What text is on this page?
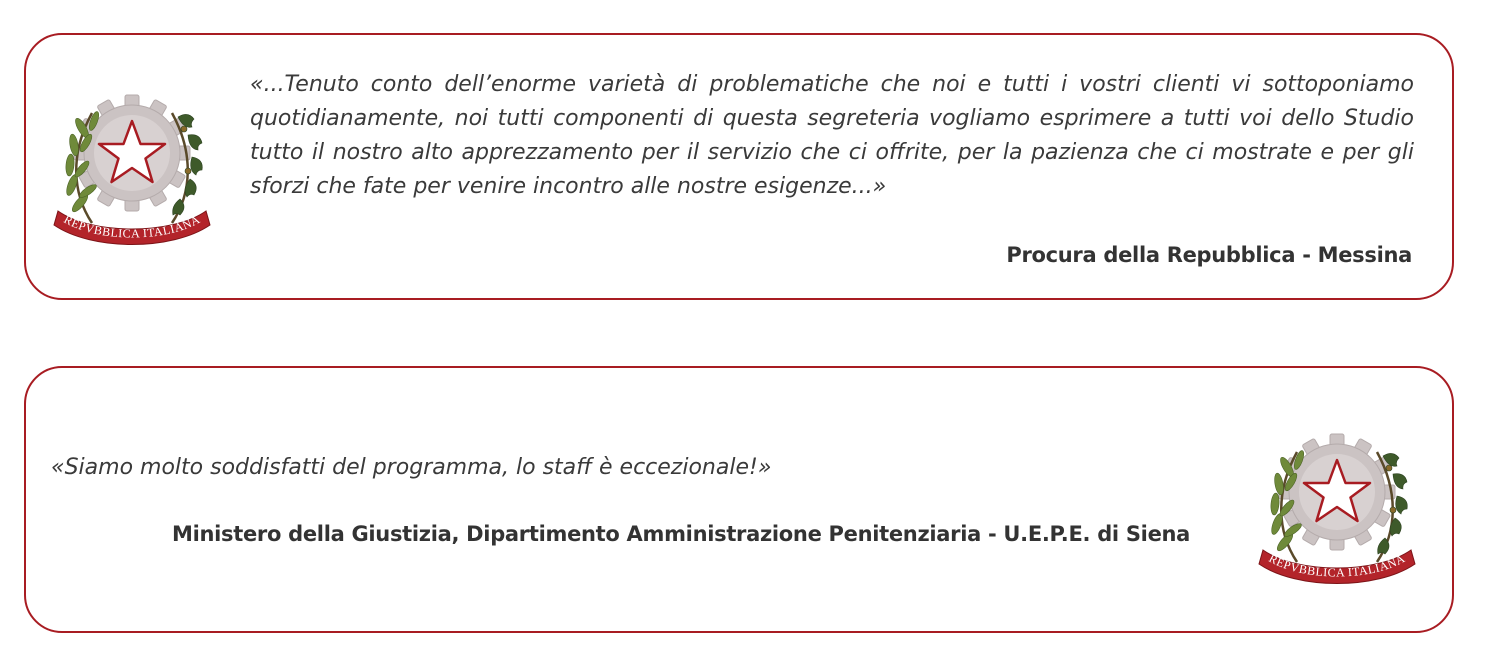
«...Tenuto conto dell’enorme varietà di problematiche che noi e tutti i vostri clienti vi sottoponiamo quotidianamente, noi tutti componenti di questa segreteria vogliamo esprimere a tutti voi dello Studio tutto il nostro alto apprezzamento per il servizio che ci offrite, per la pazienza che ci mostrate e per gli sforzi che fate per venire incontro alle nostre esigenze...»

Procura della Repubblica - Messina

«Siamo molto soddisfatti del programma, lo staff è eccezionale!»

Ministero della Giustizia, Dipartimento Amministrazione Penitenziaria - U.E.P.E. di Siena
